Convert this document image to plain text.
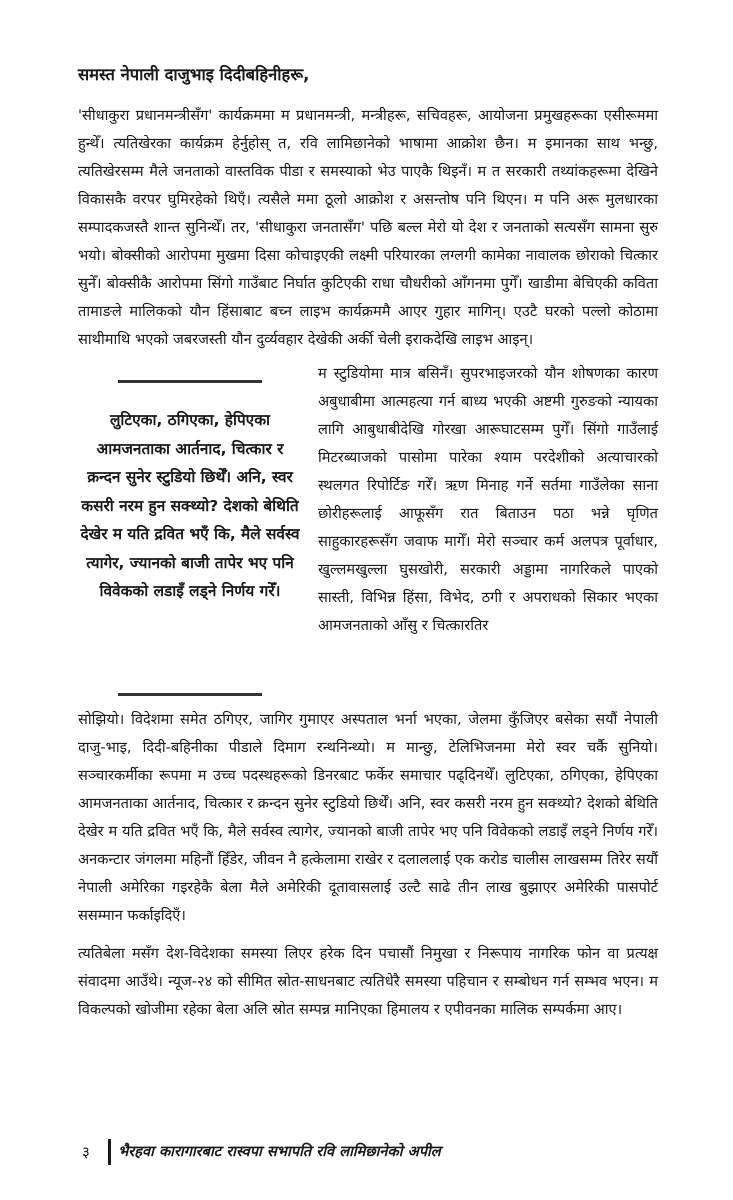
समस्त नेपाली दाजुभाइ दिदीबहिनीहरू,

'सीधाकुरा प्रधानमन्त्रीसँग' कार्यक्रममा म प्रधानमन्त्री, मन्त्रीहरू, सचिवहरू, आयोजना प्रमुखहरूका एसीरूममा हुन्थेँ। त्यतिखेरका कार्यक्रम हेर्नुहोस् त, रवि लामिछानेको भाषामा आक्रोश छैन। म इमानका साथ भन्छु, त्यतिखेरसम्म मैले जनताको वास्तविक पीडा र समस्याको भेउ पाएकै थिइनँ। म त सरकारी तथ्यांकहरूमा देखिने विकासकै वरपर घुमिरहेको थिएँ। त्यसैले ममा ठूलो आक्रोश र असन्तोष पनि थिएन। म पनि अरू मुलधारका सम्पादकजस्तै शान्त सुनिन्थेँ। तर, 'सीधाकुरा जनतासँग' पछि बल्ल मेरो यो देश र जनताको सत्यसँग सामना सुरु भयो। बोक्सीको आरोपमा मुखमा दिसा कोचाइएकी लक्ष्मी परियारका लग्लगी कामेका नावालक छोराको चित्कार सुनेँ। बोक्सीकै आरोपमा सिंगो गाउँबाट निर्घात कुटिएकी राधा चौधरीको आँगनमा पुगेँ। खाडीमा बेचिएकी कविता तामाङले मालिकको यौन हिंसाबाट बच्न लाइभ कार्यक्रममै आएर गुहार मागिन्। एउटै घरको पल्लो कोठामा साथीमाथि भएको जबरजस्ती यौन दुर्व्यवहार देखेकी अर्की चेली इराकदेखि लाइभ आइन्।

लुटिएका, ठगिएका, हेपिएका आमजनताका आर्तनाद, चित्कार र क्रन्दन सुनेर स्टुडियो छिर्थेँ। अनि, स्वर कसरी नरम हुन सक्थ्यो? देशको बेथिति देखेर म यति द्रवित भएँ कि, मैले सर्वस्व त्यागेर, ज्यानको बाजी तापेर भए पनि विवेकको लडाइँ लड्ने निर्णय गरेँ।

म स्टुडियोमा मात्र बसिनँ। सुपरभाइजरको यौन शोषणका कारण अबुधाबीमा आत्महत्या गर्न बाध्य भएकी अष्टमी गुरुङको न्यायका लागि आबुधाबीदेखि गोरखा आरूघाटसम्म पुगेँ। सिंगो गाउँलाई मिटरब्याजको पासोमा पारेका श्याम परदेशीको अत्याचारको स्थलगत रिपोर्टिङ गरेँ। ऋण मिनाह गर्ने सर्तमा गाउँलेका साना छोरीहरूलाई आफूसँग रात बिताउन पठा भन्ने घृणित साहुकारहरूसँग जवाफ मागेँ। मेरो सञ्चार कर्म अलपत्र पूर्वाधार, खुल्लमखुल्ला घुसखोरी, सरकारी अड्डामा नागरिकले पाएको सास्ती, विभिन्न हिंसा, विभेद, ठगी र अपराधको सिकार भएका आमजनताको आँसु र चित्कारतिर

सोझियो। विदेशमा समेत ठगिएर, जागिर गुमाएर अस्पताल भर्ना भएका, जेलमा कुँजिएर बसेका सयौं नेपाली दाजु-भाइ, दिदी-बहिनीका पीडाले दिमाग रन्थनिन्थ्यो। म मान्छु, टेलिभिजनमा मेरो स्वर चर्कै सुनियो। सञ्चारकर्मीका रूपमा म उच्च पदस्थहरूको डिनरबाट फर्केर समाचार पढ्दिनथेँ। लुटिएका, ठगिएका, हेपिएका आमजनताका आर्तनाद, चित्कार र क्रन्दन सुनेर स्टुडियो छिर्थेँ। अनि, स्वर कसरी नरम हुन सक्थ्यो? देशको बेथिति देखेर म यति द्रवित भएँ कि, मैले सर्वस्व त्यागेर, ज्यानको बाजी तापेर भए पनि विवेकको लडाइँ लड्ने निर्णय गरेँ। अनकन्टार जंगलमा महिनौं हिँडेर, जीवन नै हत्केलामा राखेर र दलाललाई एक करोड चालीस लाखसम्म तिरेर सयौं नेपाली अमेरिका गइरहेकै बेला मैले अमेरिकी दूतावासलाई उल्टै साढे तीन लाख बुझाएर अमेरिकी पासपोर्ट ससम्मान फर्काइदिएँ।

त्यतिबेला मसँग देश-विदेशका समस्या लिएर हरेक दिन पचासौं निमुखा र निरूपाय नागरिक फोन वा प्रत्यक्ष संवादमा आउँथे। न्यूज-२४ को सीमित स्रोत-साधनबाट त्यतिधेरै समस्या पहिचान र सम्बोधन गर्न सम्भव भएन। म विकल्पको खोजीमा रहेका बेला अलि स्रोत सम्पन्न मानिएका हिमालय र एपीवनका मालिक सम्पर्कमा आए।

३ भैरहवा कारागारबाट रास्वपा सभापति रवि लामिछानेको अपील
